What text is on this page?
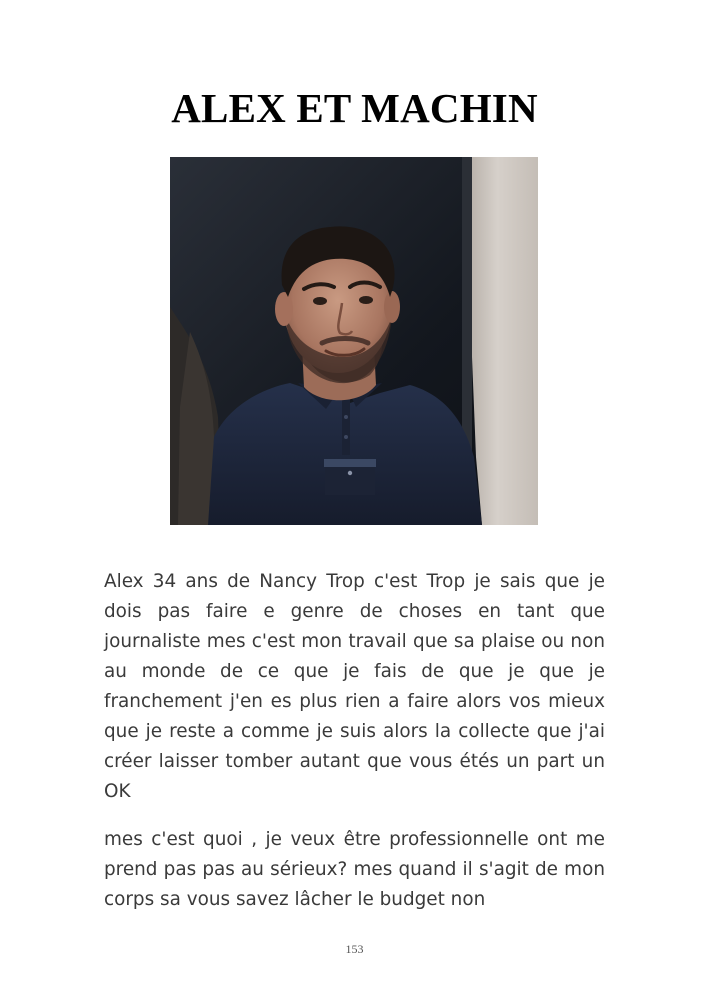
ALEX ET MACHIN

Alex 34 ans de Nancy Trop c'est Trop je sais que je dois pas faire e genre de choses en tant que journaliste mes c'est mon travail que sa plaise ou non au monde de ce que je fais de que je que je franchement j'en es plus rien a faire alors vos mieux que je reste a comme je suis alors la collecte que j'ai créer laisser tomber autant que vous étés un part un OK

mes c'est quoi , je veux être professionnelle ont me prend pas pas au sérieux? mes quand il s'agit de mon corps sa vous savez lâcher le budget non

153
